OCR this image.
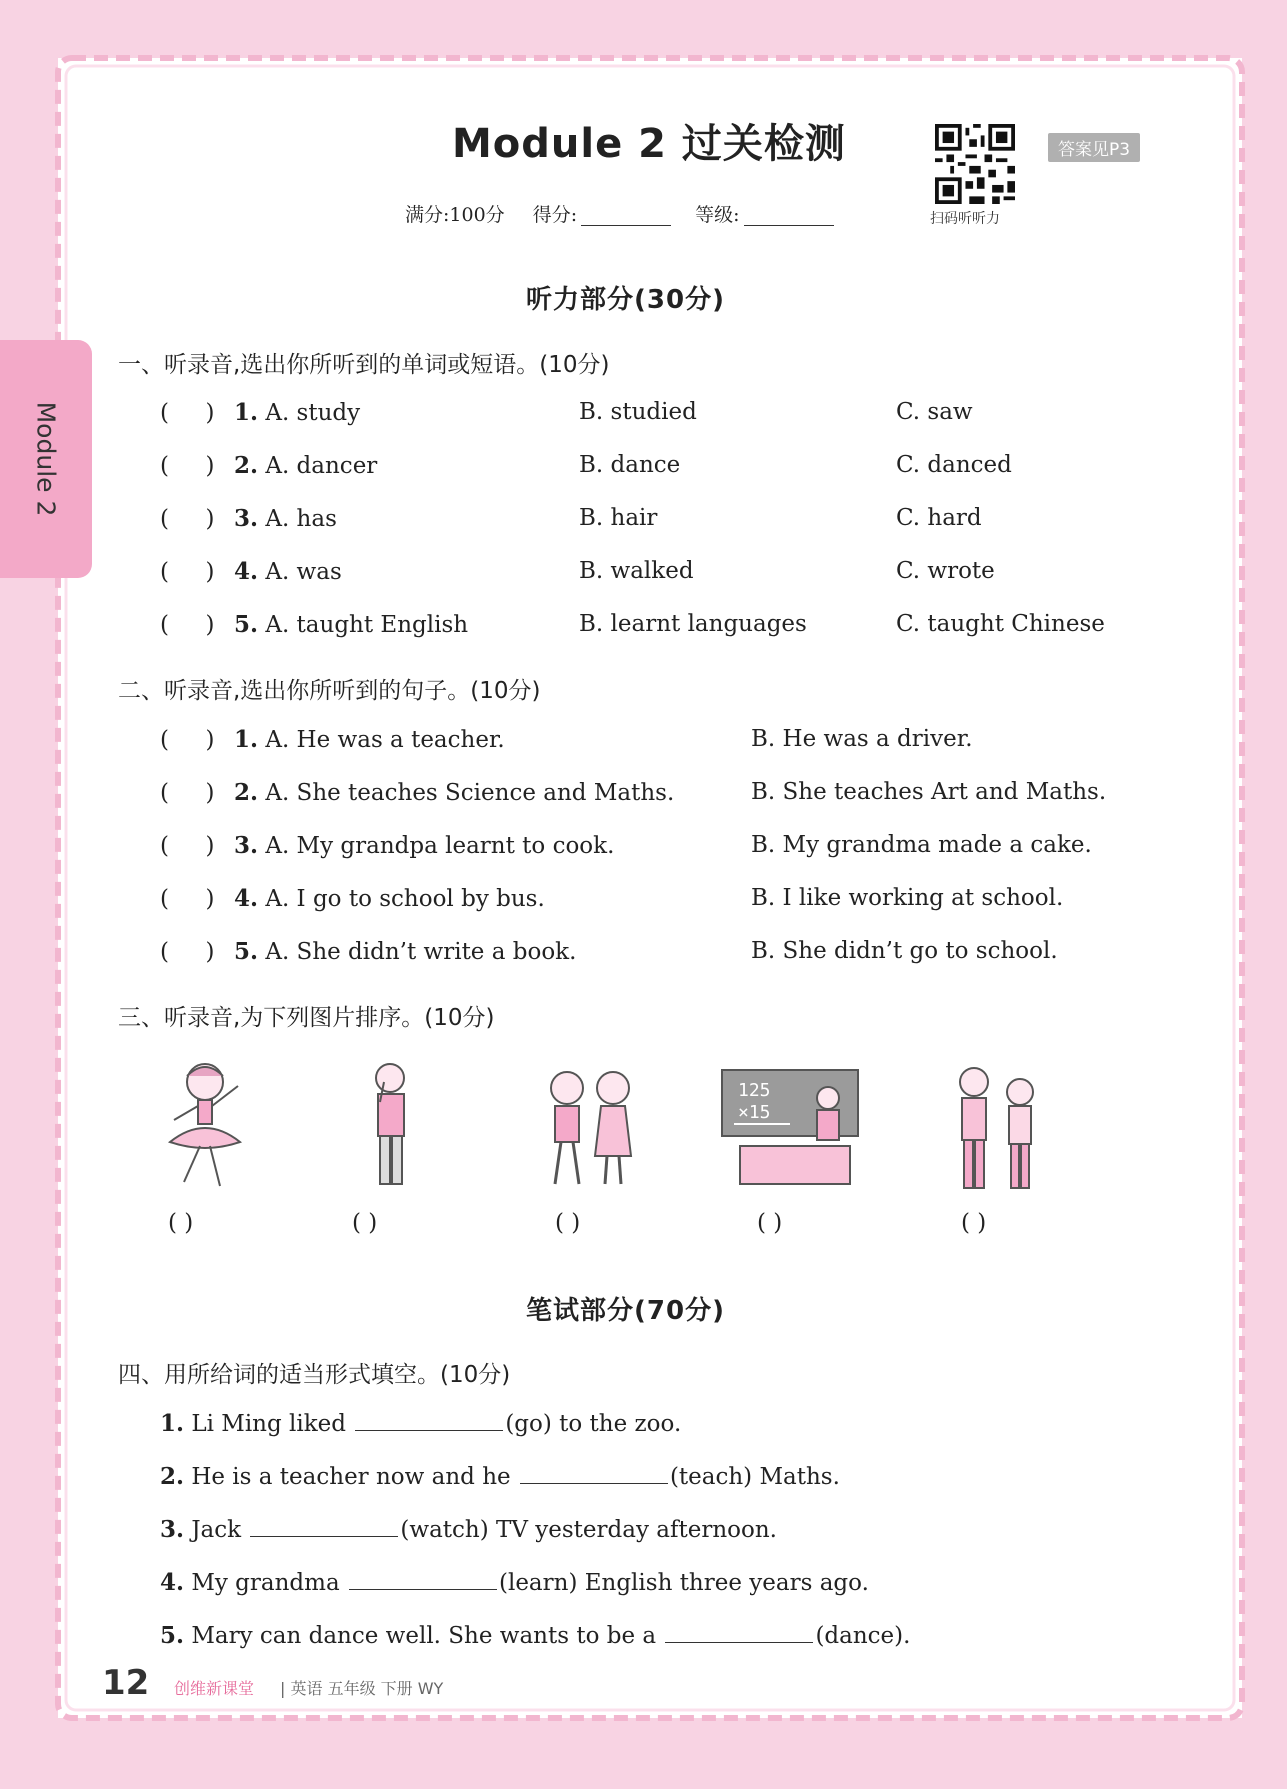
Module 2
Module 2 过关检测
满分:100分 得分:	等级:	扫码听听力
答案见P3
听力部分(30分)
一、听录音,选出你所听到的单词或短语。(10分)
(     ) 1. A. study	B. studied	C. saw
(     ) 2. A. dancer	B. dance	C. danced
(     ) 3. A. has	B. hair	C. hard
(     ) 4. A. was	B. walked	C. wrote
(     ) 5. A. taught English	B. learnt languages	C. taught Chinese
二、听录音,选出你所听到的句子。(10分)
(     ) 1. A. He was a teacher.	B. He was a driver.
(     ) 2. A. She teaches Science and Maths.	B. She teaches Art and Maths.
(     ) 3. A. My grandpa learnt to cook.	B. My grandma made a cake.
(     ) 4. A. I go to school by bus.	B. I like working at school.
(     ) 5. A. She didn’t write a book.	B. She didn’t go to school.
三、听录音,为下列图片排序。(10分)
125
×15
( )	( )	( )	( )	( )
笔试部分(70分)
四、用所给词的适当形式填空。(10分)
1. Li Ming liked	(go) to the zoo.
2. He is a teacher now and he	(teach) Maths.
3. Jack	(watch) TV yesterday afternoon.
4. My grandma	(learn) English three years ago.
5. Mary can dance well. She wants to be a	(dance).
12 创维新课堂 | 英语 五年级 下册 WY
